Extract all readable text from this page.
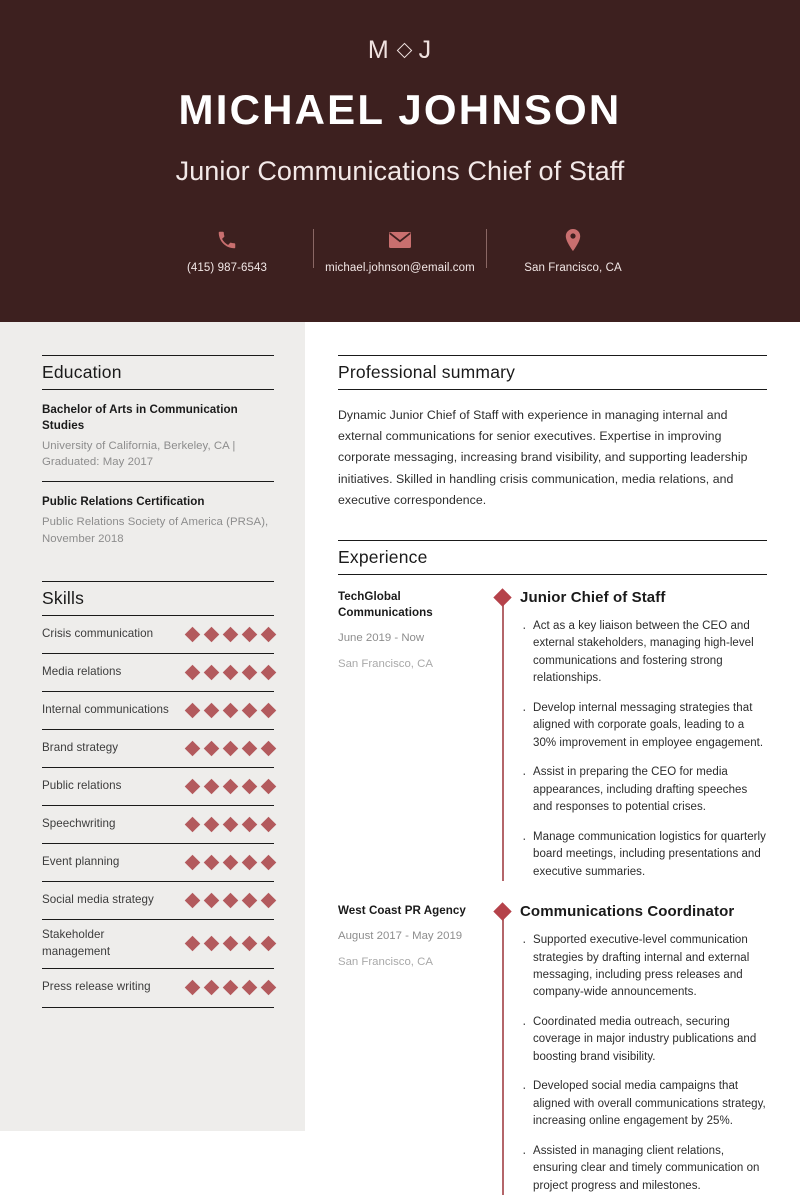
M J
MICHAEL JOHNSON
Junior Communications Chief of Staff
(415) 987-6543	michael.johnson@email.com	San Francisco, CA
Education
Bachelor of Arts in Communication Studies
University of California, Berkeley, CA | Graduated: May 2017
Public Relations Certification
Public Relations Society of America (PRSA), November 2018
Skills
Crisis communication
Media relations
Internal communications
Brand strategy
Public relations
Speechwriting
Event planning
Social media strategy
Stakeholder management
Press release writing
Professional summary

Dynamic Junior Chief of Staff with experience in managing internal and external communications for senior executives. Expertise in improving corporate messaging, increasing brand visibility, and supporting leadership initiatives. Skilled in handling crisis communication, media relations, and executive correspondence.

Experience
TechGlobal Communications
June 2019 - Now
San Francisco, CA
Junior Chief of Staff
· Act as a key liaison between the CEO and external stakeholders, managing high-level communications and fostering strong relationships.
· Develop internal messaging strategies that aligned with corporate goals, leading to a 30% improvement in employee engagement.
· Assist in preparing the CEO for media appearances, including drafting speeches and responses to potential crises.
· Manage communication logistics for quarterly board meetings, including presentations and executive summaries.
West Coast PR Agency
August 2017 - May 2019
San Francisco, CA
Communications Coordinator
· Supported executive-level communication strategies by drafting internal and external messaging, including press releases and company-wide announcements.
· Coordinated media outreach, securing coverage in major industry publications and boosting brand visibility.
· Developed social media campaigns that aligned with overall communications strategy, increasing online engagement by 25%.
· Assisted in managing client relations, ensuring clear and timely communication on project progress and milestones.
